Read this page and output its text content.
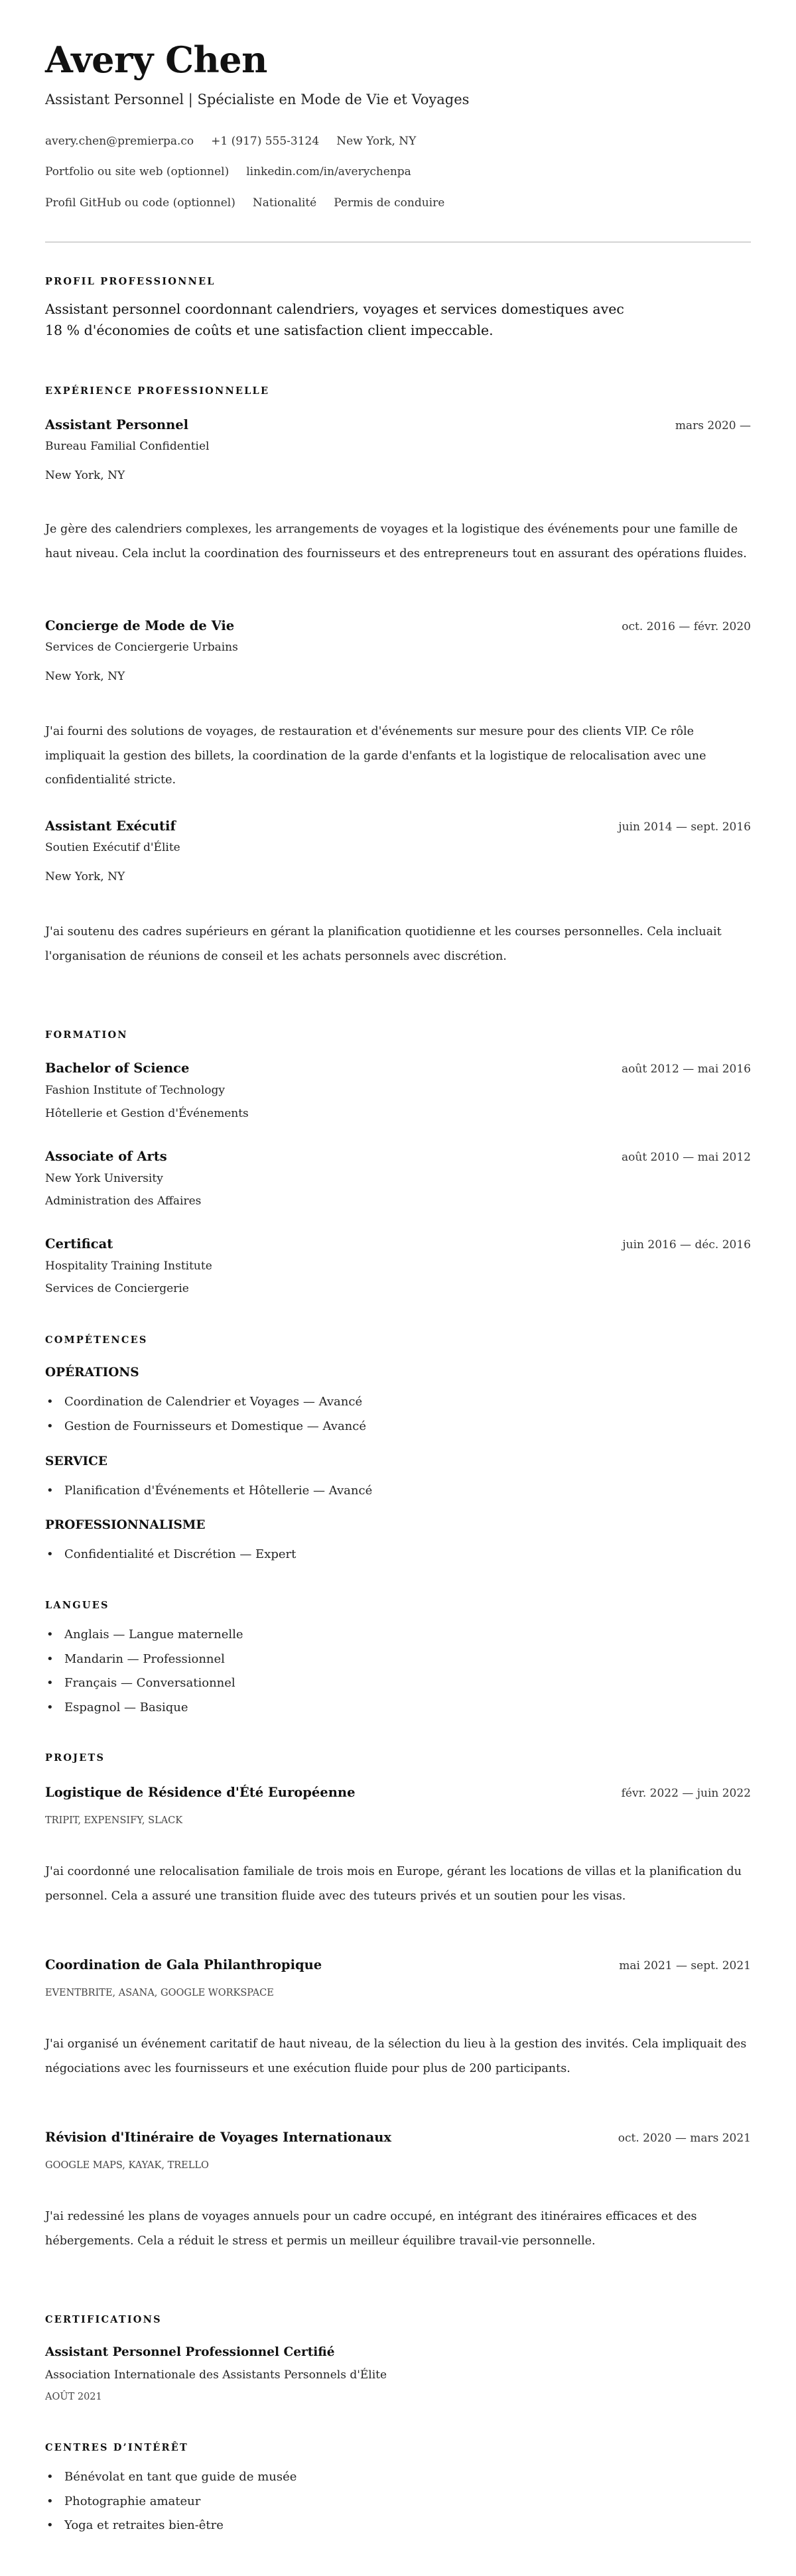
Avery Chen
Assistant Personnel | Spécialiste en Mode de Vie et Voyages
avery.chen@premierpa.co +1 (917) 555-3124 New York, NY
Portfolio ou site web (optionnel) linkedin.com/in/averychenpa
Profil GitHub ou code (optionnel) Nationalité Permis de conduire
PROFIL PROFESSIONNEL
Assistant personnel coordonnant calendriers, voyages et services domestiques avec
18 % d'économies de coûts et une satisfaction client impeccable.
EXPÉRIENCE PROFESSIONNELLE
Assistant Personnel	mars 2020 —
Bureau Familial Confidentiel
New York, NY
Je gère des calendriers complexes, les arrangements de voyages et la logistique des événements pour une famille de haut niveau. Cela inclut la coordination des fournisseurs et des entrepreneurs tout en assurant des opérations fluides.
Concierge de Mode de Vie	oct. 2016 — févr. 2020
Services de Conciergerie Urbains
New York, NY
J'ai fourni des solutions de voyages, de restauration et d'événements sur mesure pour des clients VIP. Ce rôle impliquait la gestion des billets, la coordination de la garde d'enfants et la logistique de relocalisation avec une confidentialité stricte.
Assistant Exécutif	juin 2014 — sept. 2016
Soutien Exécutif d'Élite
New York, NY
J'ai soutenu des cadres supérieurs en gérant la planification quotidienne et les courses personnelles. Cela incluait l'organisation de réunions de conseil et les achats personnels avec discrétion.
FORMATION
Bachelor of Science	août 2012 — mai 2016
Fashion Institute of Technology
Hôtellerie et Gestion d'Événements
Associate of Arts	août 2010 — mai 2012
New York University
Administration des Affaires
Certificat	juin 2016 — déc. 2016
Hospitality Training Institute
Services de Conciergerie
COMPÉTENCES
OPÉRATIONS
• Coordination de Calendrier et Voyages — Avancé
• Gestion de Fournisseurs et Domestique — Avancé
SERVICE
• Planification d'Événements et Hôtellerie — Avancé
PROFESSIONNALISME
• Confidentialité et Discrétion — Expert
LANGUES
• Anglais — Langue maternelle
• Mandarin — Professionnel
• Français — Conversationnel
• Espagnol — Basique
PROJETS
Logistique de Résidence d'Été Européenne	févr. 2022 — juin 2022
TRIPIT, EXPENSIFY, SLACK
J'ai coordonné une relocalisation familiale de trois mois en Europe, gérant les locations de villas et la planification du personnel. Cela a assuré une transition fluide avec des tuteurs privés et un soutien pour les visas.
Coordination de Gala Philanthropique	mai 2021 — sept. 2021
EVENTBRITE, ASANA, GOOGLE WORKSPACE
J'ai organisé un événement caritatif de haut niveau, de la sélection du lieu à la gestion des invités. Cela impliquait des négociations avec les fournisseurs et une exécution fluide pour plus de 200 participants.
Révision d'Itinéraire de Voyages Internationaux	oct. 2020 — mars 2021
GOOGLE MAPS, KAYAK, TRELLO
J'ai redessiné les plans de voyages annuels pour un cadre occupé, en intégrant des itinéraires efficaces et des hébergements. Cela a réduit le stress et permis un meilleur équilibre travail-vie personnelle.
CERTIFICATIONS
Assistant Personnel Professionnel Certifié
Association Internationale des Assistants Personnels d'Élite
AOÛT 2021
CENTRES D’INTÉRÊT
• Bénévolat en tant que guide de musée
• Photographie amateur
• Yoga et retraites bien-être
